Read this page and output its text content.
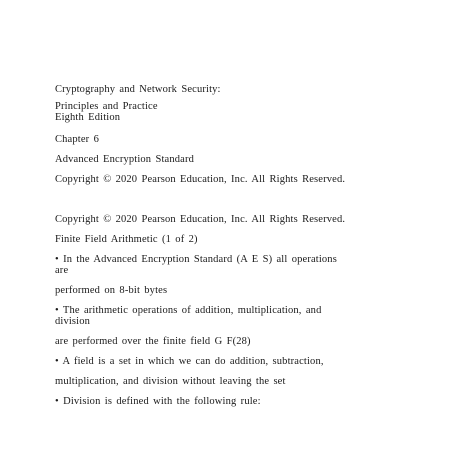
Cryptography and Network Security:
Principles and Practice
Eighth Edition
Chapter 6
Advanced Encryption Standard
Copyright © 2020 Pearson Education, Inc. All Rights Reserved.
Copyright © 2020 Pearson Education, Inc. All Rights Reserved.
Finite Field Arithmetic (1 of 2)
• In the Advanced Encryption Standard (A E S) all operations
are
performed on 8-bit bytes
• The arithmetic operations of addition, multiplication, and
division
are performed over the finite field G F(28)
• A field is a set in which we can do addition, subtraction,
multiplication, and division without leaving the set
• Division is defined with the following rule:
